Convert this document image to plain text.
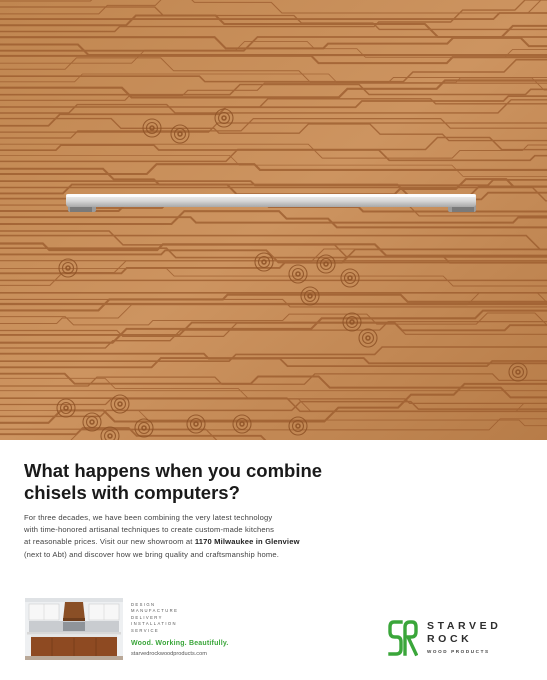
What happens when you combine
chisels with computers?
For three decades, we have been combining the very latest technology
with time-honored artisanal techniques to create custom-made kitchens
at reasonable prices. Visit our new showroom at 1170 Milwaukee in Glenview
(next to Abt) and discover how we bring quality and craftsmanship home.
DESIGN
MANUFACTURE
DELIVERY
INSTALLATION
SERVICE
Wood. Working. Beautifully.
starvedrockwoodproducts.com
STARVED
ROCK
WOOD PRODUCTS
